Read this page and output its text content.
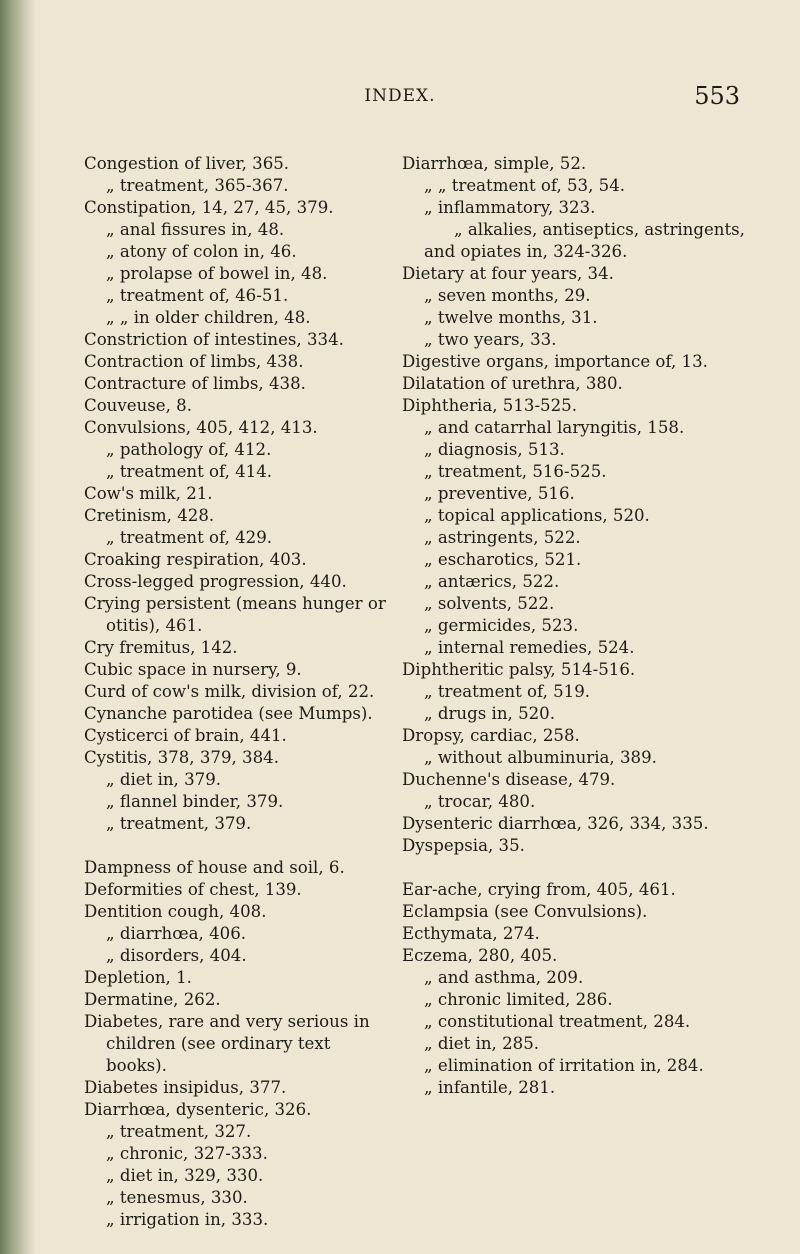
INDEX.	553
Congestion of liver, 365.
„ treatment, 365-367.
Constipation, 14, 27, 45, 379.
„ anal fissures in, 48.
„ atony of colon in, 46.
„ prolapse of bowel in, 48.
„ treatment of, 46-51.
„ „ in older children, 48.
Constriction of intestines, 334.
Contraction of limbs, 438.
Contracture of limbs, 438.
Couveuse, 8.
Convulsions, 405, 412, 413.
„ pathology of, 412.
„ treatment of, 414.
Cow's milk, 21.
Cretinism, 428.
„ treatment of, 429.
Croaking respiration, 403.
Cross-legged progression, 440.
Crying persistent (means hunger or otitis), 461.
Cry fremitus, 142.
Cubic space in nursery, 9.
Curd of cow's milk, division of, 22.
Cynanche parotidea (see Mumps).
Cysticerci of brain, 441.
Cystitis, 378, 379, 384.
„ diet in, 379.
„ flannel binder, 379.
„ treatment, 379.
Dampness of house and soil, 6.
Deformities of chest, 139.
Dentition cough, 408.
„ diarrhœa, 406.
„ disorders, 404.
Depletion, 1.
Dermatine, 262.
Diabetes, rare and very serious in children (see ordinary text books).
Diabetes insipidus, 377.
Diarrhœa, dysenteric, 326.
„ treatment, 327.
„ chronic, 327-333.
„ diet in, 329, 330.
„ tenesmus, 330.
„ irrigation in, 333.
Diarrhœa, simple, 52.
„ „ treatment of, 53, 54.
„ inflammatory, 323.
„ alkalies, antiseptics, astringents, and opiates in, 324-326.
Dietary at four years, 34.
„ seven months, 29.
„ twelve months, 31.
„ two years, 33.
Digestive organs, importance of, 13.
Dilatation of urethra, 380.
Diphtheria, 513-525.
„ and catarrhal laryngitis, 158.
„ diagnosis, 513.
„ treatment, 516-525.
„ preventive, 516.
„ topical applications, 520.
„ astringents, 522.
„ escharotics, 521.
„ antærics, 522.
„ solvents, 522.
„ germicides, 523.
„ internal remedies, 524.
Diphtheritic palsy, 514-516.
„ treatment of, 519.
„ drugs in, 520.
Dropsy, cardiac, 258.
„ without albuminuria, 389.
Duchenne's disease, 479.
„ trocar, 480.
Dysenteric diarrhœa, 326, 334, 335.
Dyspepsia, 35.
Ear-ache, crying from, 405, 461.
Eclampsia (see Convulsions).
Ecthymata, 274.
Eczema, 280, 405.
„ and asthma, 209.
„ chronic limited, 286.
„ constitutional treatment, 284.
„ diet in, 285.
„ elimination of irritation in, 284.
„ infantile, 281.
